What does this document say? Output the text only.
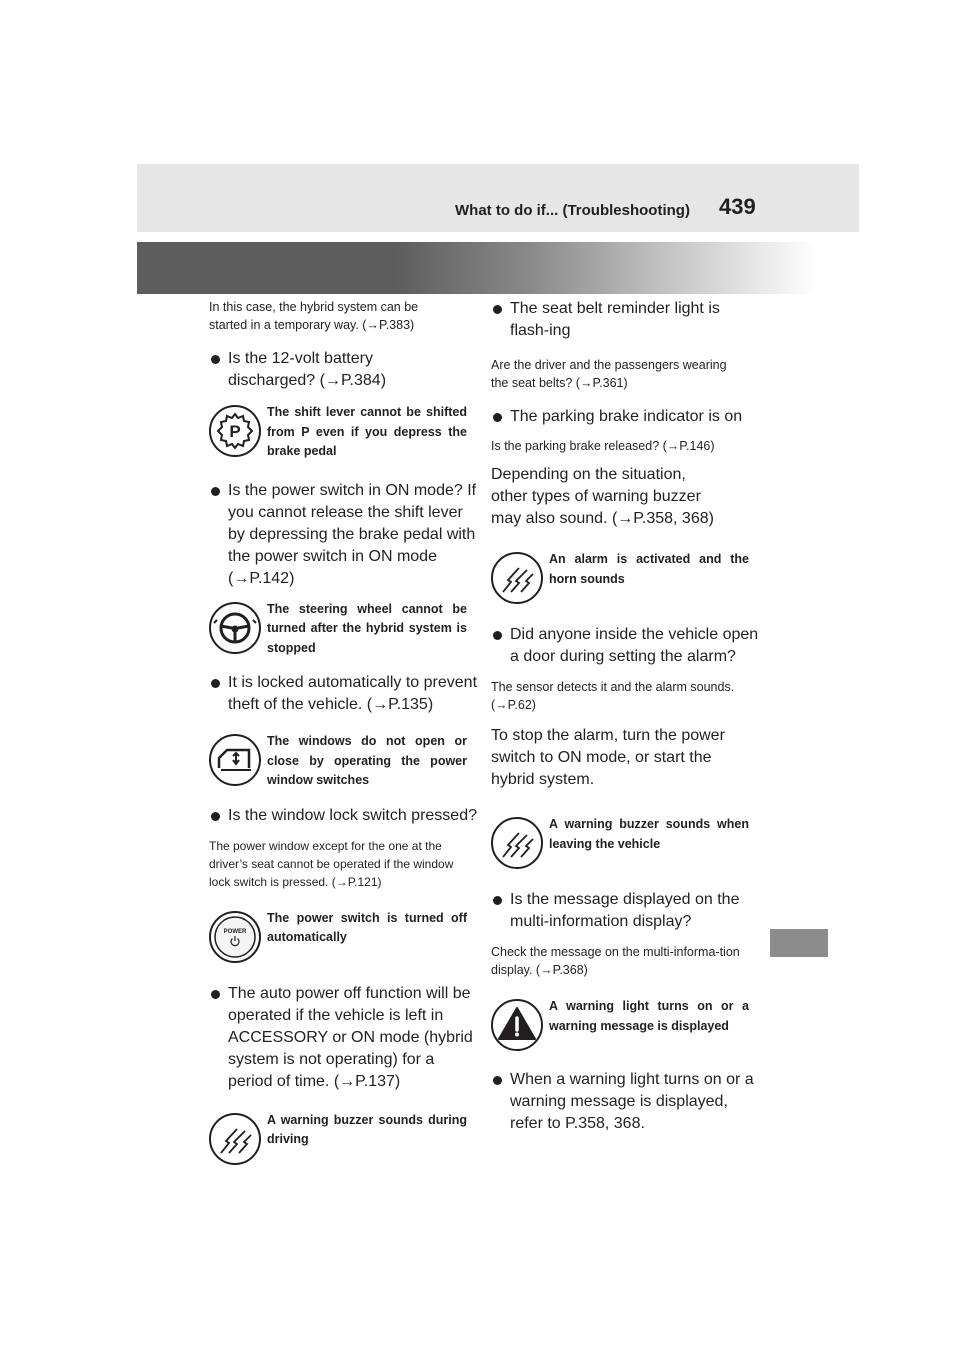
What to do if... (Troubleshooting) 439

In this case, the hybrid system can be started in a temporary way. (→P.383)

Is the 12-volt battery discharged? (→P.384)
P
The shift lever cannot be shifted from P even if you depress the brake pedal
Is the power switch in ON mode? If you cannot release the shift lever by depressing the brake pedal with the power switch in ON mode (→P.142)
The steering wheel cannot be turned after the hybrid system is stopped
It is locked automatically to prevent theft of the vehicle. (→P.135)
The windows do not open or close by operating the power window switches
Is the window lock switch pressed?

The power window except for the one at the driver’s seat cannot be operated if the window lock switch is pressed. (→P.121)

POWER
The power switch is turned off automatically
The auto power off function will be operated if the vehicle is left in ACCESSORY or ON mode (hybrid system is not operating) for a period of time. (→P.137)
A warning buzzer sounds during driving
The seat belt reminder light is flash-ing

Are the driver and the passengers wearing the seat belts? (→P.361)

The parking brake indicator is on

Is the parking brake released? (→P.146)

Depending on the situation, other types of warning buzzer may also sound. (→P.358, 368)

An alarm is activated and the horn sounds
Did anyone inside the vehicle open a door during setting the alarm?

The sensor detects it and the alarm sounds. (→P.62)

To stop the alarm, turn the power switch to ON mode, or start the hybrid system.

A warning buzzer sounds when leaving the vehicle
Is the message displayed on the multi-information display?

Check the message on the multi-informa-tion display. (→P.368)

A warning light turns on or a warning message is displayed
When a warning light turns on or a warning message is displayed, refer to P.358, 368.
